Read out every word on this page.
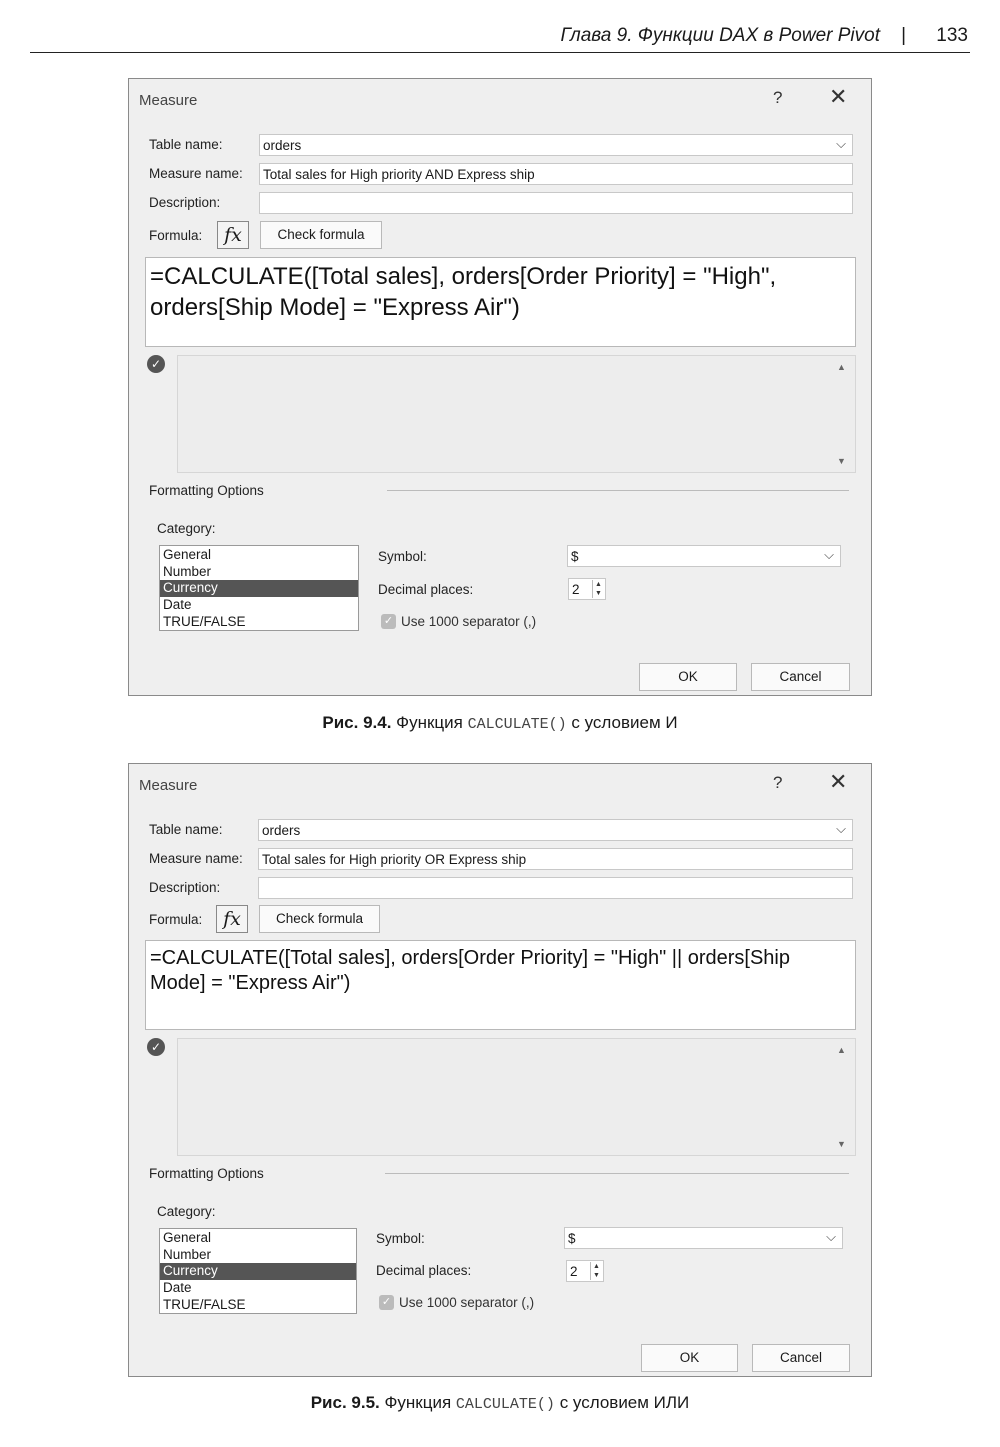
Глава 9. Функции DAX в Power Pivot | 133
Measure	? ✕
Table name:	orders	⌵
Measure name: Total sales for High priority AND Express ship
Description:
Formula:	fx	Check formula
=CALCULATE([Total sales], orders[Order Priority] = "High",
orders[Ship Mode] = "Express Air")
✓	▲
▼
Formatting Options
Category:
General
Number
Currency
Date
TRUE/FALSE
Symbol:	$	⌵
Decimal places:	2	▲
▼
✓ Use 1000 separator (,)
OK	Cancel
Рис. 9.4. Функция CALCULATE() с условием И
Measure	? ✕
Table name:	orders	⌵
Measure name: Total sales for High priority OR Express ship
Description:
Formula:	fx	Check formula
=CALCULATE([Total sales], orders[Order Priority] = "High" || orders[Ship
Mode] = "Express Air")
✓	▲
▼
Formatting Options
Category:
General
Number
Currency
Date
TRUE/FALSE
Symbol:	$	⌵
Decimal places:	2	▲
▼
✓ Use 1000 separator (,)
OK	Cancel
Рис. 9.5. Функция CALCULATE() с условием ИЛИ
